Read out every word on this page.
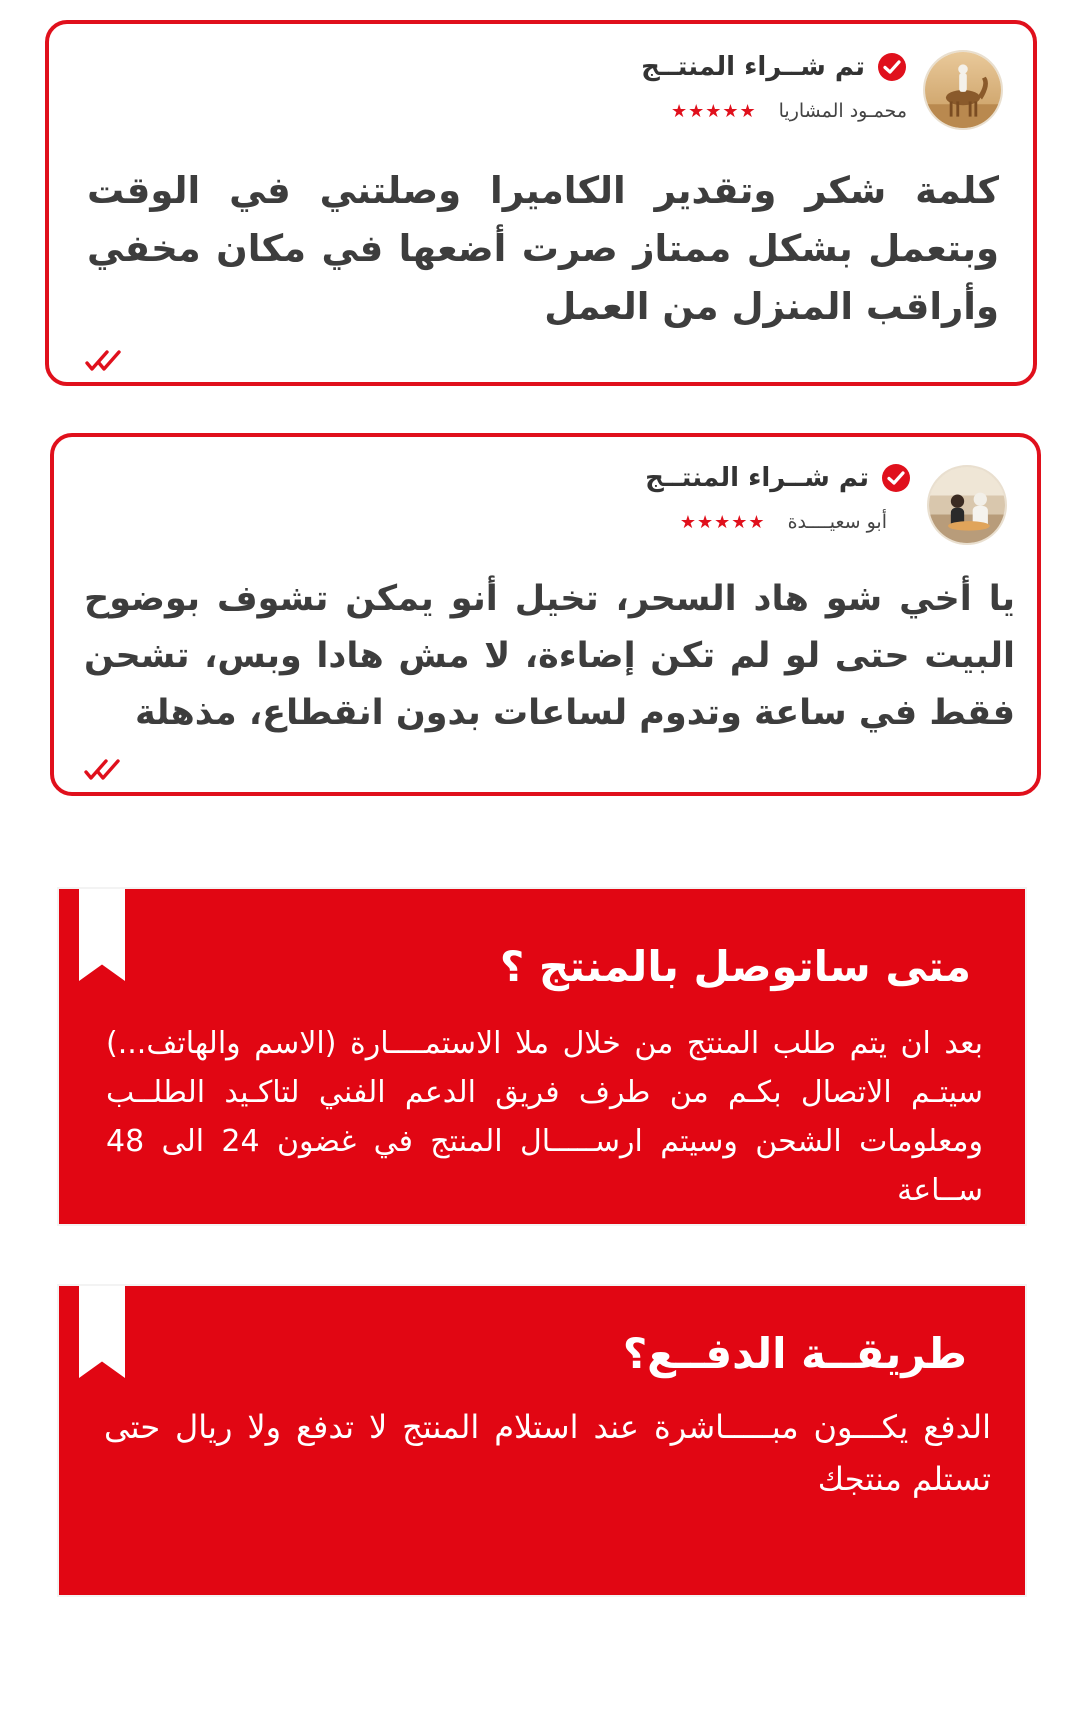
تم شــراء المنتــج
محمـود المشاريا
★★★★★
كلمة شكر وتقدير الكاميرا وصلتني في الوقت وبتعمل بشكل ممتاز صرت أضعها في مكان مخفي وأراقب المنزل من العمل
تم شــراء المنتــج
أبو سعيــــدة
★★★★★
يا أخي شو هاد السحر، تخيل أنو يمكن تشوف بوضوح البيت حتى لو لم تكن إضاءة، لا مش هادا وبس، تشحن فقط في ساعة وتدوم لساعات بدون انقطاع، مذهلة
متى ساتوصل بالمنتج ؟
بعد ان يتم طلب المنتج من خلال ملا الاستمــــارة (الاسم والهاتف...) سيتـم الاتصال بكـم من طرف فريق الدعم الفني لتاكـيد الطلــب ومعلومات الشحن وسيتم ارســـــال المنتج في غضون 24 الى 48 ســاعة
طريقــة الدفــع؟
الدفع يكـــون مبـــــاشرة عند استلام المنتج لا تدفع ولا ريال حتى تستلم منتجك
